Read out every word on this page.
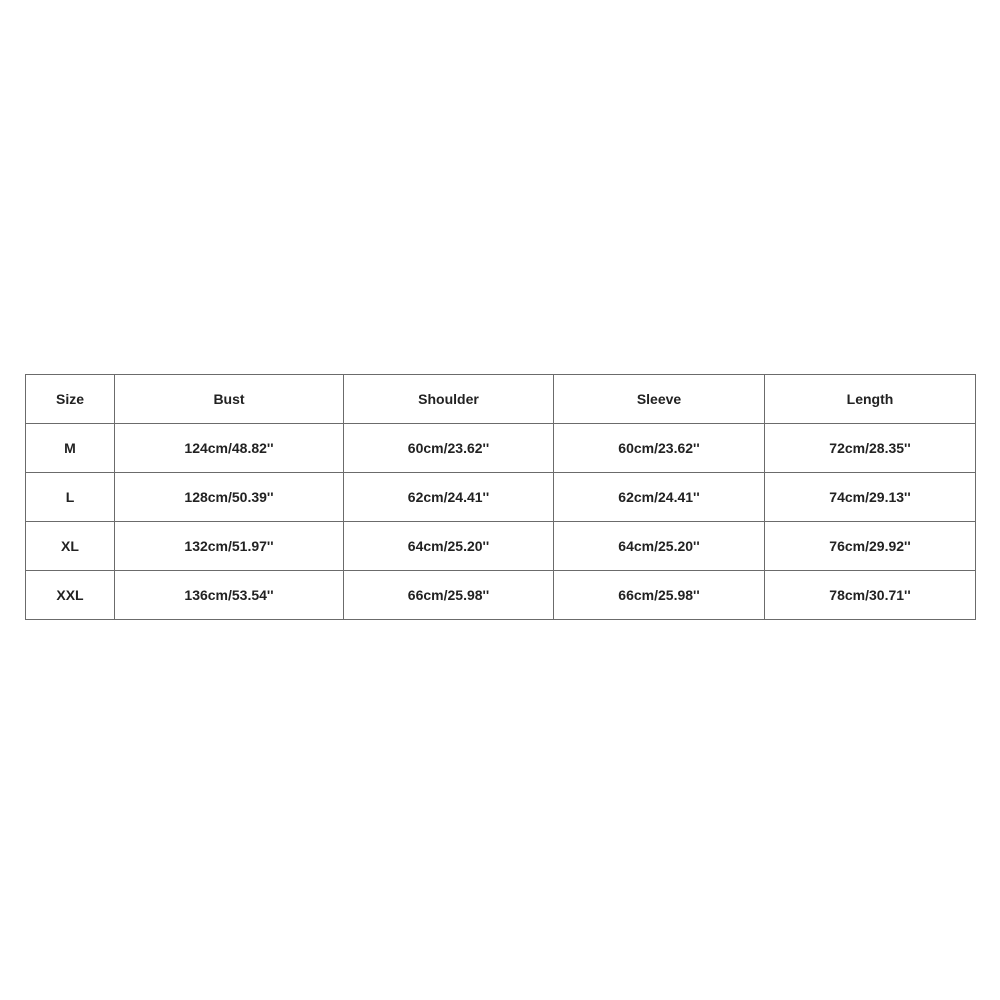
Size	Bust	Shoulder	Sleeve	Length
M	124cm/48.82''	60cm/23.62''	60cm/23.62''	72cm/28.35''
L	128cm/50.39''	62cm/24.41''	62cm/24.41''	74cm/29.13''
XL	132cm/51.97''	64cm/25.20''	64cm/25.20''	76cm/29.92''
XXL	136cm/53.54''	66cm/25.98''	66cm/25.98''	78cm/30.71''
